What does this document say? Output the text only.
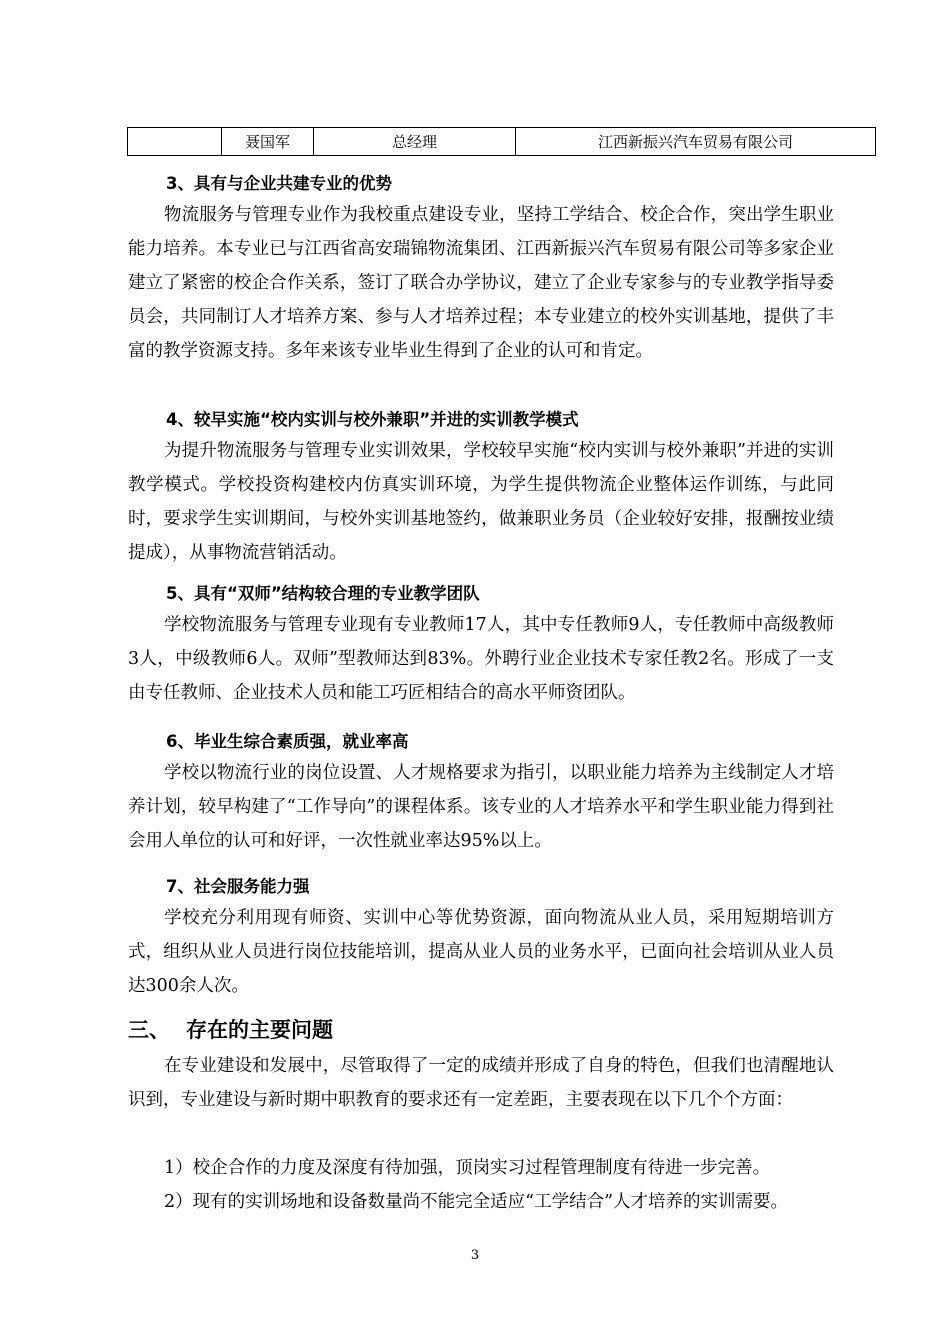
	聂国军	总经理	江西新振兴汽车贸易有限公司
3、具有与企业共建专业的优势
物流服务与管理专业作为我校重点建设专业，坚持工学结合、校企合作，突出学生职业能力培养。本专业已与江西省高安瑞锦物流集团、江西新振兴汽车贸易有限公司等多家企业建立了紧密的校企合作关系，签订了联合办学协议，建立了企业专家参与的专业教学指导委员会，共同制订人才培养方案、参与人才培养过程；本专业建立的校外实训基地，提供了丰富的教学资源支持。多年来该专业毕业生得到了企业的认可和肯定。
4、较早实施“校内实训与校外兼职”并进的实训教学模式
为提升物流服务与管理专业实训效果，学校较早实施“校内实训与校外兼职”并进的实训教学模式。学校投资构建校内仿真实训环境，为学生提供物流企业整体运作训练，与此同时，要求学生实训期间，与校外实训基地签约，做兼职业务员（企业较好安排，报酬按业绩提成），从事物流营销活动。
5、具有“双师”结构较合理的专业教学团队
学校物流服务与管理专业现有专业教师17人，其中专任教师9人，专任教师中高级教师3人，中级教师6人。双师”型教师达到83%。外聘行业企业技术专家任教2名。形成了一支由专任教师、企业技术人员和能工巧匠相结合的高水平师资团队。
6、毕业生综合素质强，就业率高
学校以物流行业的岗位设置、人才规格要求为指引，以职业能力培养为主线制定人才培养计划，较早构建了“工作导向”的课程体系。该专业的人才培养水平和学生职业能力得到社会用人单位的认可和好评，一次性就业率达95%以上。
7、社会服务能力强
学校充分利用现有师资、实训中心等优势资源，面向物流从业人员，采用短期培训方式，组织从业人员进行岗位技能培训，提高从业人员的业务水平，已面向社会培训从业人员达300余人次。
三、 存在的主要问题
在专业建设和发展中，尽管取得了一定的成绩并形成了自身的特色，但我们也清醒地认识到，专业建设与新时期中职教育的要求还有一定差距，主要表现在以下几个个方面：
1）校企合作的力度及深度有待加强，顶岗实习过程管理制度有待进一步完善。
2）现有的实训场地和设备数量尚不能完全适应“工学结合”人才培养的实训需要。
3
